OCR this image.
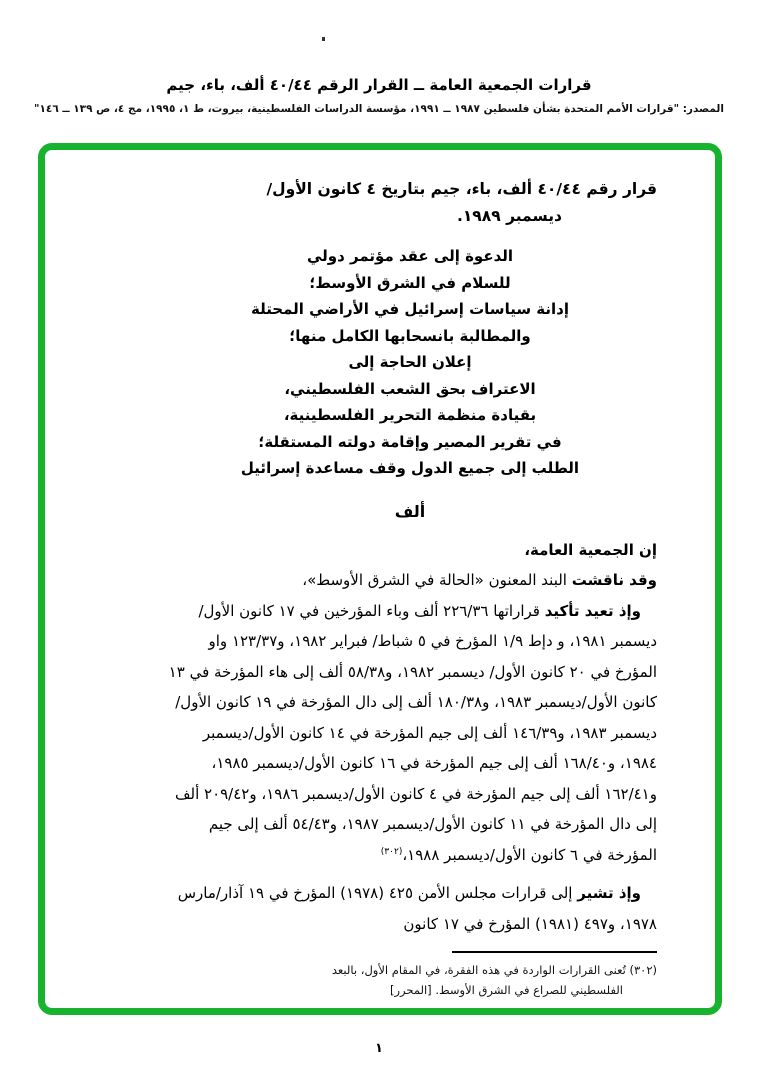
قرارات الجمعية العامة ــ القرار الرقم ٤٠/٤٤ ألف، باء، جيم
المصدر: "قرارات الأمم المتحدة بشأن فلسطين ١٩٨٧ ــ ١٩٩١، مؤسسة الدراسات الفلسطينية، بيروت، ط ١، ١٩٩٥، مج ٤، ص ١٣٩ ــ ١٤٦"
قرار رقم ٤٠/٤٤ ألف، باء، جيم بتاريخ ٤ كانون الأول/
ديسمبر ١٩٨٩.
الدعوة إلى عقد مؤتمر دولي
للسلام في الشرق الأوسط؛
إدانة سياسات إسرائيل في الأراضي المحتلة
والمطالبة بانسحابها الكامل منها؛
إعلان الحاجة إلى
الاعتراف بحق الشعب الفلسطيني،
بقيادة منظمة التحرير الفلسطينية،
في تقرير المصير وإقامة دولته المستقلة؛
الطلب إلى جميع الدول وقف مساعدة إسرائيل
ألف

إن الجمعية العامة،

وقد ناقشت البند المعنون «الحالة في الشرق الأوسط»،

وإذ تعيد تأكيد قراراتها ٢٢٦/٣٦ ألف وباء المؤرخين في ١٧ كانون الأول/ديسمبر ١٩٨١، و دإط ١/٩ المؤرخ في ٥ شباط/ فبراير ١٩٨٢، و١٢٣/٣٧ واو المؤرخ في ٢٠ كانون الأول/ ديسمبر ١٩٨٢، و٥٨/٣٨ ألف إلى هاء المؤرخة في ١٣ كانون الأول/ديسمبر ١٩٨٣، و١٨٠/٣٨ ألف إلى دال المؤرخة في ١٩ كانون الأول/ديسمبر ١٩٨٣، و١٤٦/٣٩ ألف إلى جيم المؤرخة في ١٤ كانون الأول/ديسمبر ١٩٨٤، و١٦٨/٤٠ ألف إلى جيم المؤرخة في ١٦ كانون الأول/ديسمبر ١٩٨٥، و١٦٢/٤١ ألف إلى جيم المؤرخة في ٤ كانون الأول/ديسمبر ١٩٨٦، و٢٠٩/٤٢ ألف إلى دال المؤرخة في ١١ كانون الأول/ديسمبر ١٩٨٧، و٥٤/٤٣ ألف إلى جيم المؤرخة في ٦ كانون الأول/ديسمبر ١٩٨٨،$^{(٣٠٢)}$

وإذ تشير إلى قرارات مجلس الأمن ٤٢٥ (١٩٧٨) المؤرخ في ١٩ آذار/مارس ١٩٧٨، و٤٩٧ (١٩٨١) المؤرخ في ١٧ كانون

(٣٠٢) تُعنى القرارات الواردة في هذه الفقرة، في المقام الأول، بالبعد
الفلسطيني للصراع في الشرق الأوسط. [المحرر]
١
